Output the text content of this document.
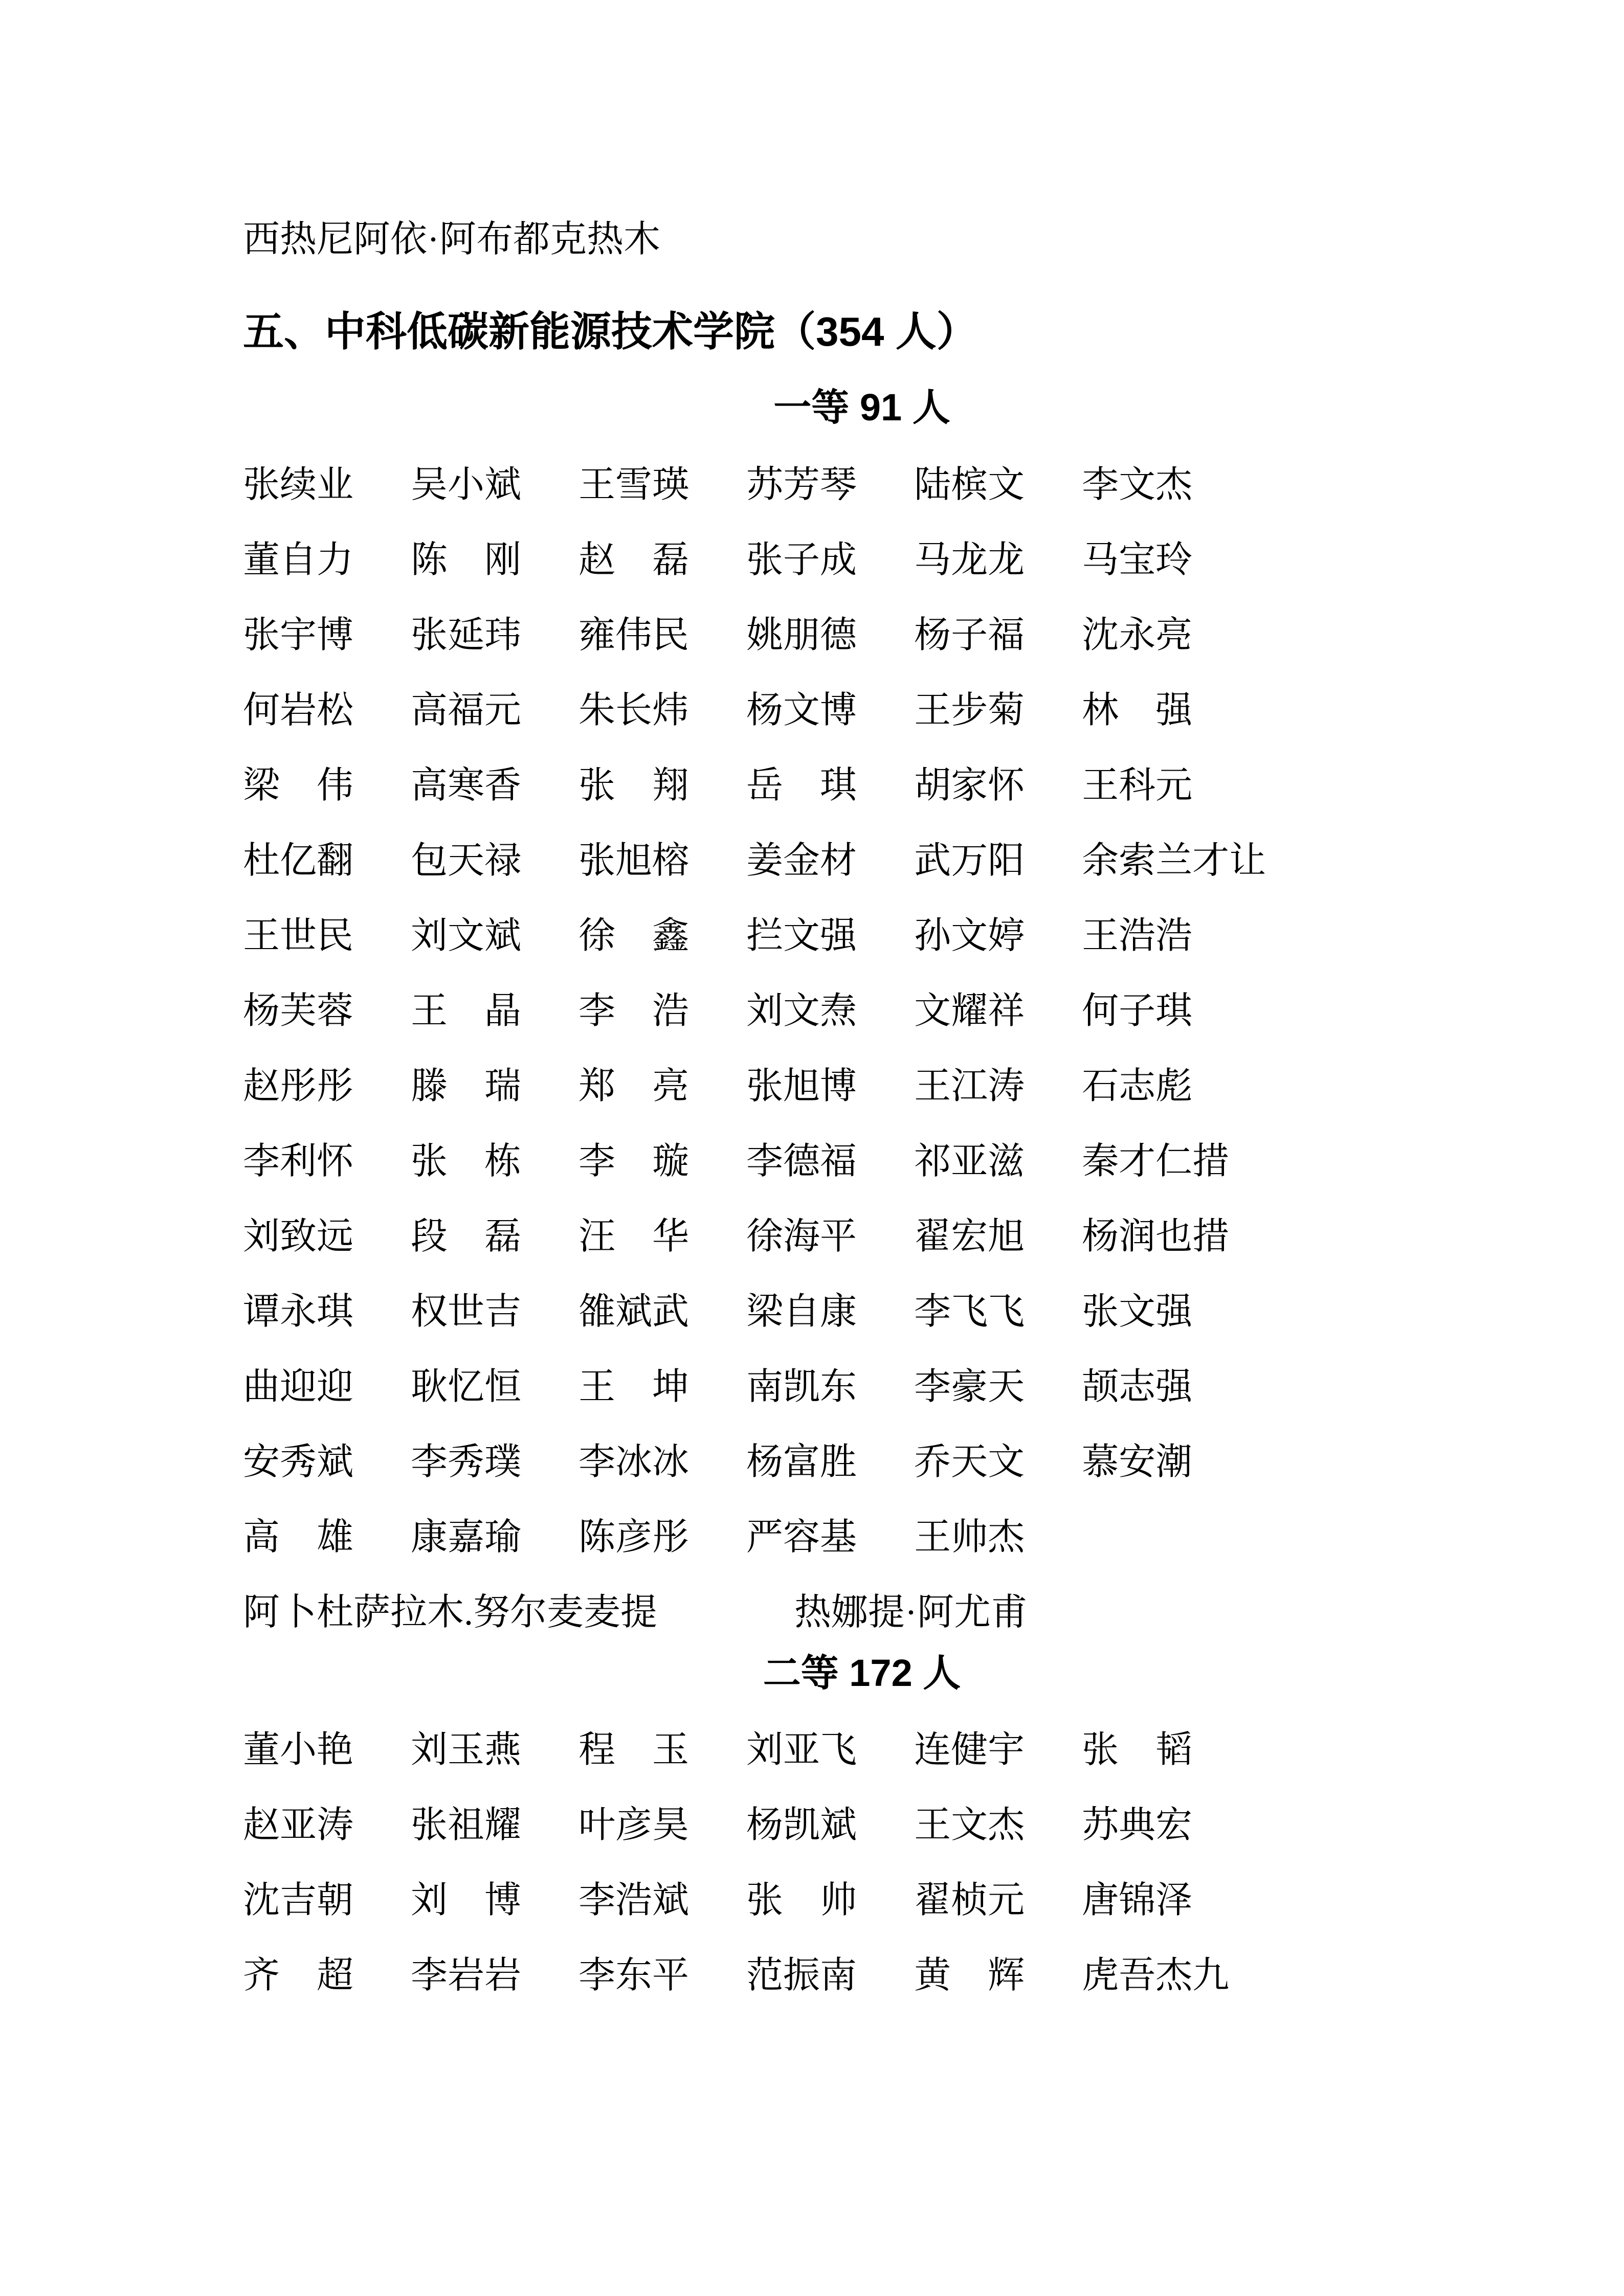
西热尼阿依·阿布都克热木
五、中科低碳新能源技术学院（354 人）
一等 91 人
张续业 吴小斌 王雪瑛 苏芳琴 陆槟文 李文杰
董自力 陈　刚 赵　磊 张子成 马龙龙 马宝玲
张宇博 张延玮 雍伟民 姚朋德 杨子福 沈永亮
何岩松 高福元 朱长炜 杨文博 王步菊 林　强
梁　伟 高寒香 张　翔 岳　琪 胡家怀 王科元
杜亿翻 包天禄 张旭榕 姜金材 武万阳 余索兰才让
王世民 刘文斌 徐　鑫 拦文强 孙文婷 王浩浩
杨芙蓉 王　晶 李　浩 刘文焘 文耀祥 何子琪
赵彤彤 滕　瑞 郑　亮 张旭博 王江涛 石志彪
李利怀 张　栋 李　璇 李德福 祁亚滋 秦才仁措
刘致远 段　磊 汪　华 徐海平 翟宏旭 杨润也措
谭永琪 权世吉 雒斌武 梁自康 李飞飞 张文强
曲迎迎 耿忆恒 王　坤 南凯东 李豪天 颉志强
安秀斌 李秀璞 李冰冰 杨富胜 乔天文 慕安潮
高　雄 康嘉瑜 陈彦彤 严容基 王帅杰
阿卜杜萨拉木.努尔麦麦提	热娜提·阿尤甫
二等 172 人
董小艳 刘玉燕 程　玉 刘亚飞 连健宇 张　韬
赵亚涛 张祖耀 叶彦昊 杨凯斌 王文杰 苏典宏
沈吉朝 刘　博 李浩斌 张　帅 翟桢元 唐锦泽
齐　超 李岩岩 李东平 范振南 黄　辉 虎吾杰九
